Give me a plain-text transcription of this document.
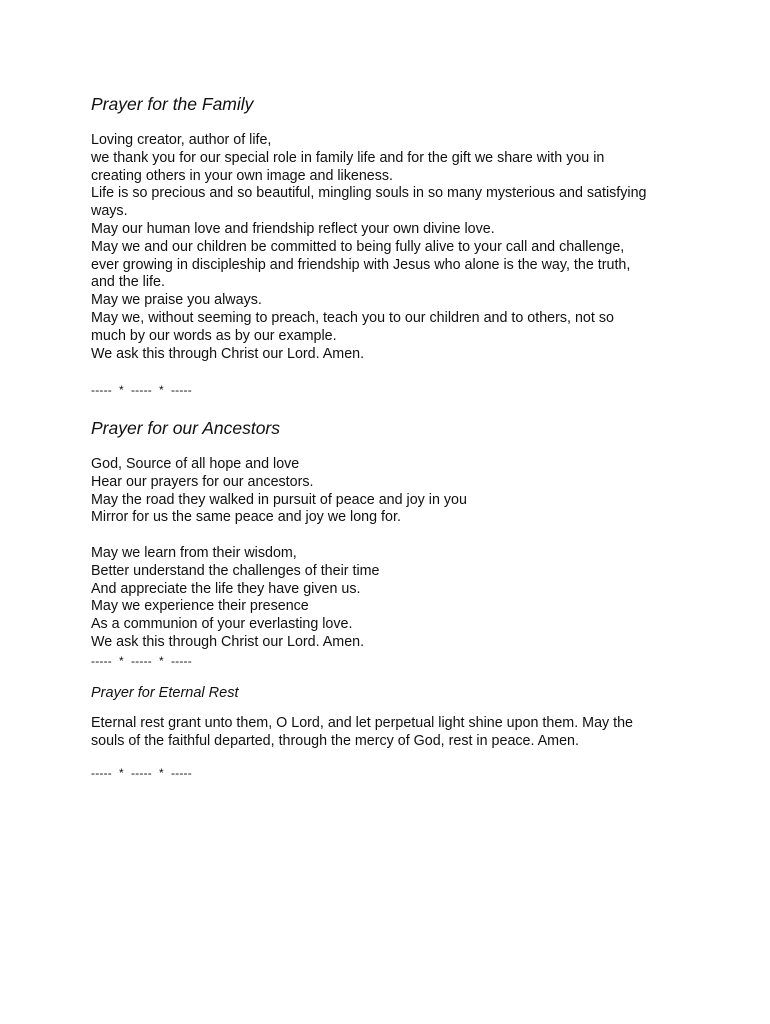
Prayer for the Family
Loving creator, author of life,
we thank you for our special role in family life and for the gift we share with you in
creating others in your own image and likeness.
Life is so precious and so beautiful, mingling souls in so many mysterious and satisfying
ways.
May our human love and friendship reflect your own divine love.
May we and our children be committed to being fully alive to your call and challenge,
ever growing in discipleship and friendship with Jesus who alone is the way, the truth,
and the life.
May we praise you always.
May we, without seeming to preach, teach you to our children and to others, not so
much by our words as by our example.
We ask this through Christ our Lord. Amen.
-----  *  -----  *  -----
Prayer for our Ancestors
God, Source of all hope and love
Hear our prayers for our ancestors.
May the road they walked in pursuit of peace and joy in you
Mirror for us the same peace and joy we long for.
May we learn from their wisdom,
Better understand the challenges of their time
And appreciate the life they have given us.
May we experience their presence
As a communion of your everlasting love.
We ask this through Christ our Lord. Amen.
-----  *  -----  *  -----
Prayer for Eternal Rest
Eternal rest grant unto them, O Lord, and let perpetual light shine upon them. May the
souls of the faithful departed, through the mercy of God, rest in peace. Amen.
-----  *  -----  *  -----
